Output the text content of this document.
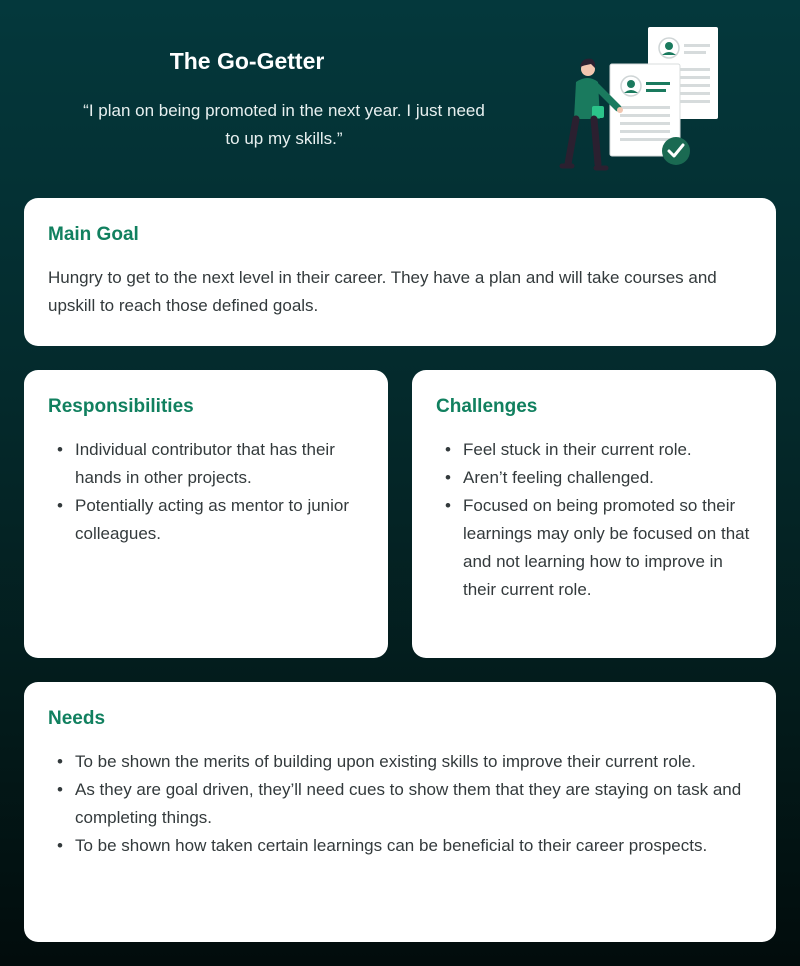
The Go-Getter

“I plan on being promoted in the next year. I just need to up my skills.”

Main Goal

Hungry to get to the next level in their career. They have a plan and will take courses and upskill to reach those defined goals.

Responsibilities
• Individual contributor that has their hands in other projects.
• Potentially acting as mentor to junior colleagues.
Challenges
• Feel stuck in their current role.
• Aren’t feeling challenged.
• Focused on being promoted so their learnings may only be focused on that and not learning how to improve in their current role.
Needs
• To be shown the merits of building upon existing skills to improve their current role.
• As they are goal driven, they’ll need cues to show them that they are staying on task and completing things.
• To be shown how taken certain learnings can be beneficial to their career prospects.
